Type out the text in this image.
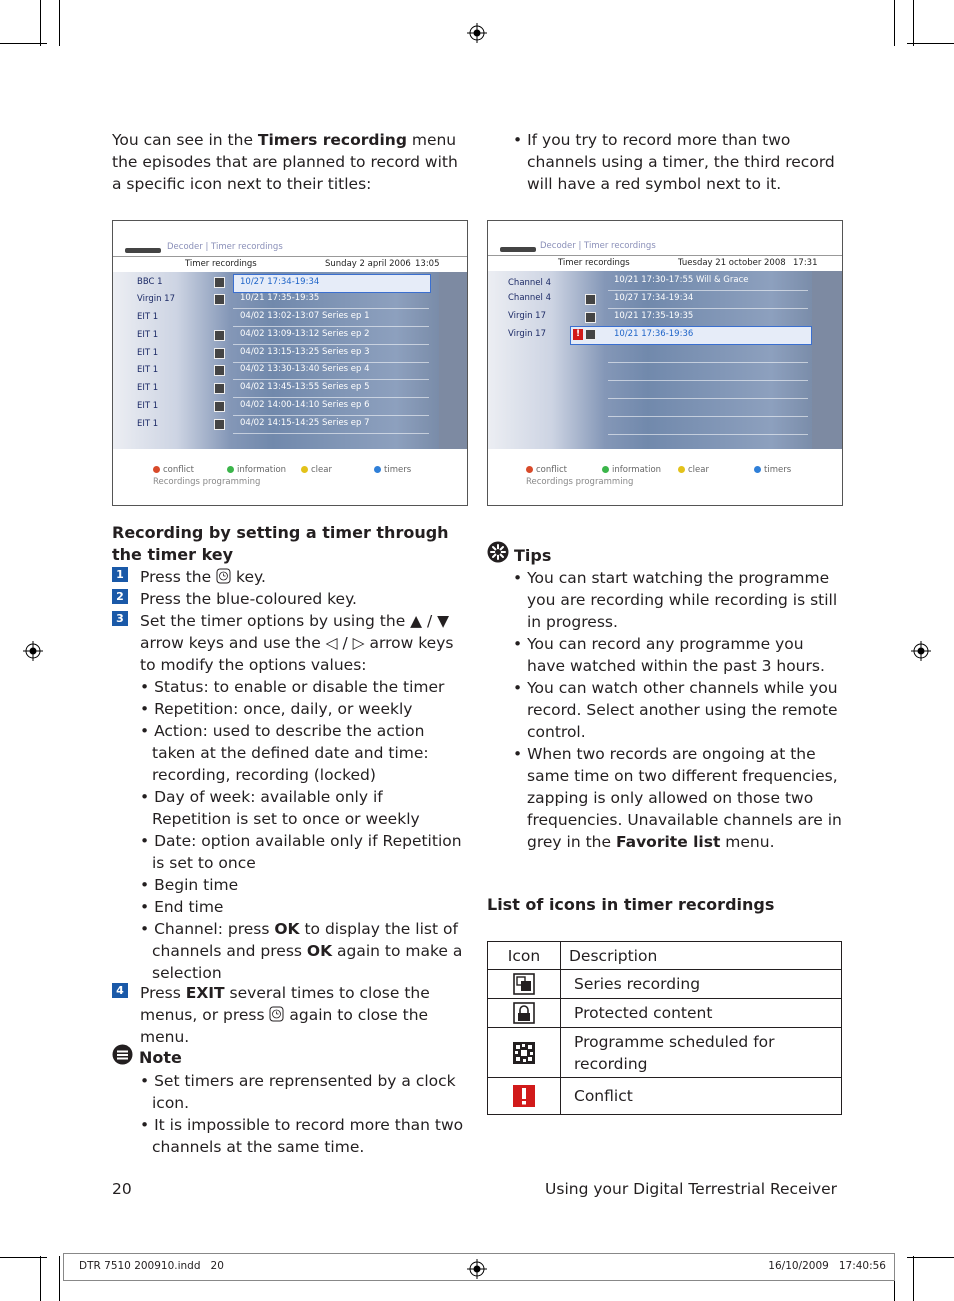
You can see in the Timers recording menu the episodes that are planned to record with a specific icon next to their titles:
• If you try to record more than two channels using a timer, the third record will have a red symbol next to it.
Decoder | Timer recordings
Timer recordings	Sunday 2 april 2006 13:05
BBC 1	10/27 17:34-19:34
Virgin 17	10/21 17:35-19:35
EIT 1	04/02 13:02-13:07 Series ep 1
EIT 1	04/02 13:09-13:12 Series ep 2
EIT 1	04/02 13:15-13:25 Series ep 3
EIT 1	04/02 13:30-13:40 Series ep 4
EIT 1	04/02 13:45-13:55 Series ep 5
EIT 1	04/02 14:00-14:10 Series ep 6
EIT 1	04/02 14:15-14:25 Series ep 7
conflict	information	clear	timers
Recordings programming
Decoder | Timer recordings
Timer recordings	Tuesday 21 october 2008 17:31
Channel 4	10/21 17:30-17:55 Will & Grace
Channel 4	10/27 17:34-19:34
Virgin 17	10/21 17:35-19:35
Virgin 17	10/21 17:36-19:36
!
conflict	information	clear	timers
Recordings programming
Recording by setting a timer through the timer key
1 Press the  key.
2 Press the blue-coloured key.
3 Set the timer options by using the ▲ / ▼ arrow keys and use the ◁ / ▷ arrow keys to modify the options values:
• Status: to enable or disable the timer
• Repetition: once, daily, or weekly
• Action: used to describe the action taken at the defined date and time: recording, recording (locked)
• Day of week: available only if Repetition is set to once or weekly
• Date: option available only if Repetition is set to once
• Begin time
• End time
• Channel: press OK to display the list of channels and press OK again to make a selection
4 Press EXIT several times to close the menus, or press  again to close the menu.
Note
• Set timers are reprensented by a clock icon.
• It is impossible to record more than two channels at the same time.
Tips
• You can start watching the programme you are recording while recording is still in progress.
• You can record any programme you have watched within the past 3 hours.
• You can watch other channels while you record. Select another using the remote control.
• When two records are ongoing at the same time on two different frequencies, zapping is only allowed on those two frequencies. Unavailable channels are in grey in the Favorite list menu.
List of icons in timer recordings
Icon	Description
	Series recording
	Protected content
	Programme scheduled for recording
	Conflict
20	Using your Digital Terrestrial Receiver
DTR 7510 200910.indd   20	16/10/2009   17:40:56
